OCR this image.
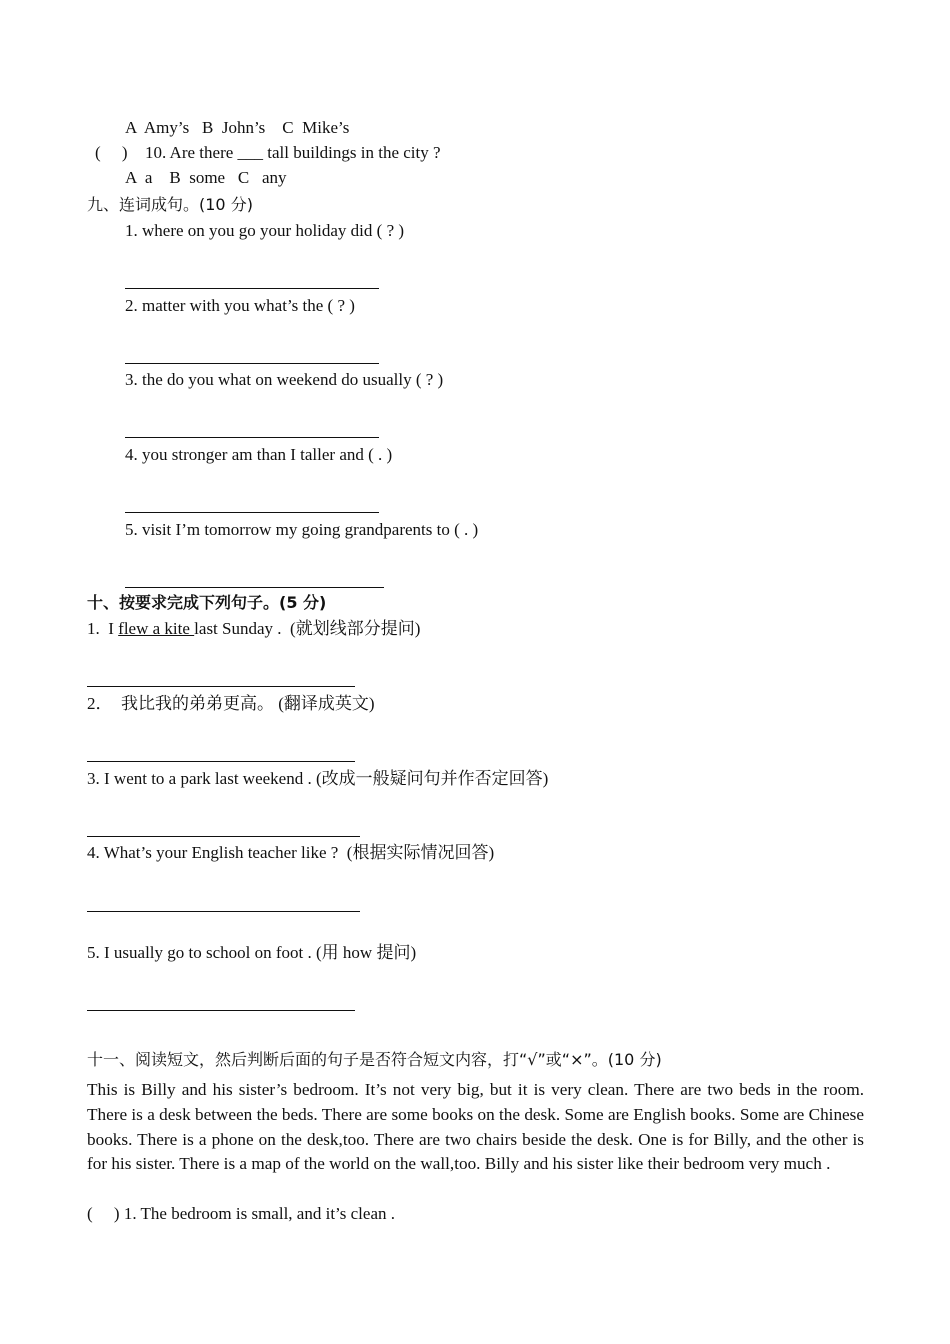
A  Amy’s   B  John’s    C  Mike’s
(     ) 10. Are there ___ tall buildings in the city ?
A  a    B  some   C   any
九、连词成句。(10 分)
1. where on you go your holiday did ( ? )
2. matter with you what’s the ( ? )
3. the do you what on weekend do usually ( ? )
4. you stronger am than I taller and ( . )
5. visit I’m tomorrow my going grandparents to ( . )
十、按要求完成下列句子。(5 分)
1.  I flew a kite last Sunday .  (就划线部分提问)
2．  我比我的弟弟更高。 (翻译成英文)
3. I went to a park last weekend . (改成一般疑问句并作否定回答)
4. What’s your English teacher like ?  (根据实际情况回答)
5. I usually go to school on foot . (用 how 提问)
十一、阅读短文，然后判断后面的句子是否符合短文内容，打“√”或“×”。(10 分)
This is Billy and his sister’s bedroom. It’s not very big, but it is very clean. There are two beds in the room. There is a desk between the beds. There are some books on the desk. Some are English books. Some are Chinese books. There is a phone on the desk,too. There are two chairs beside the desk. One is for Billy, and the other is for his sister. There is a map of the world on the wall,too. Billy and his sister like their bedroom very much .
(     ) 1. The bedroom is small, and it’s clean .
